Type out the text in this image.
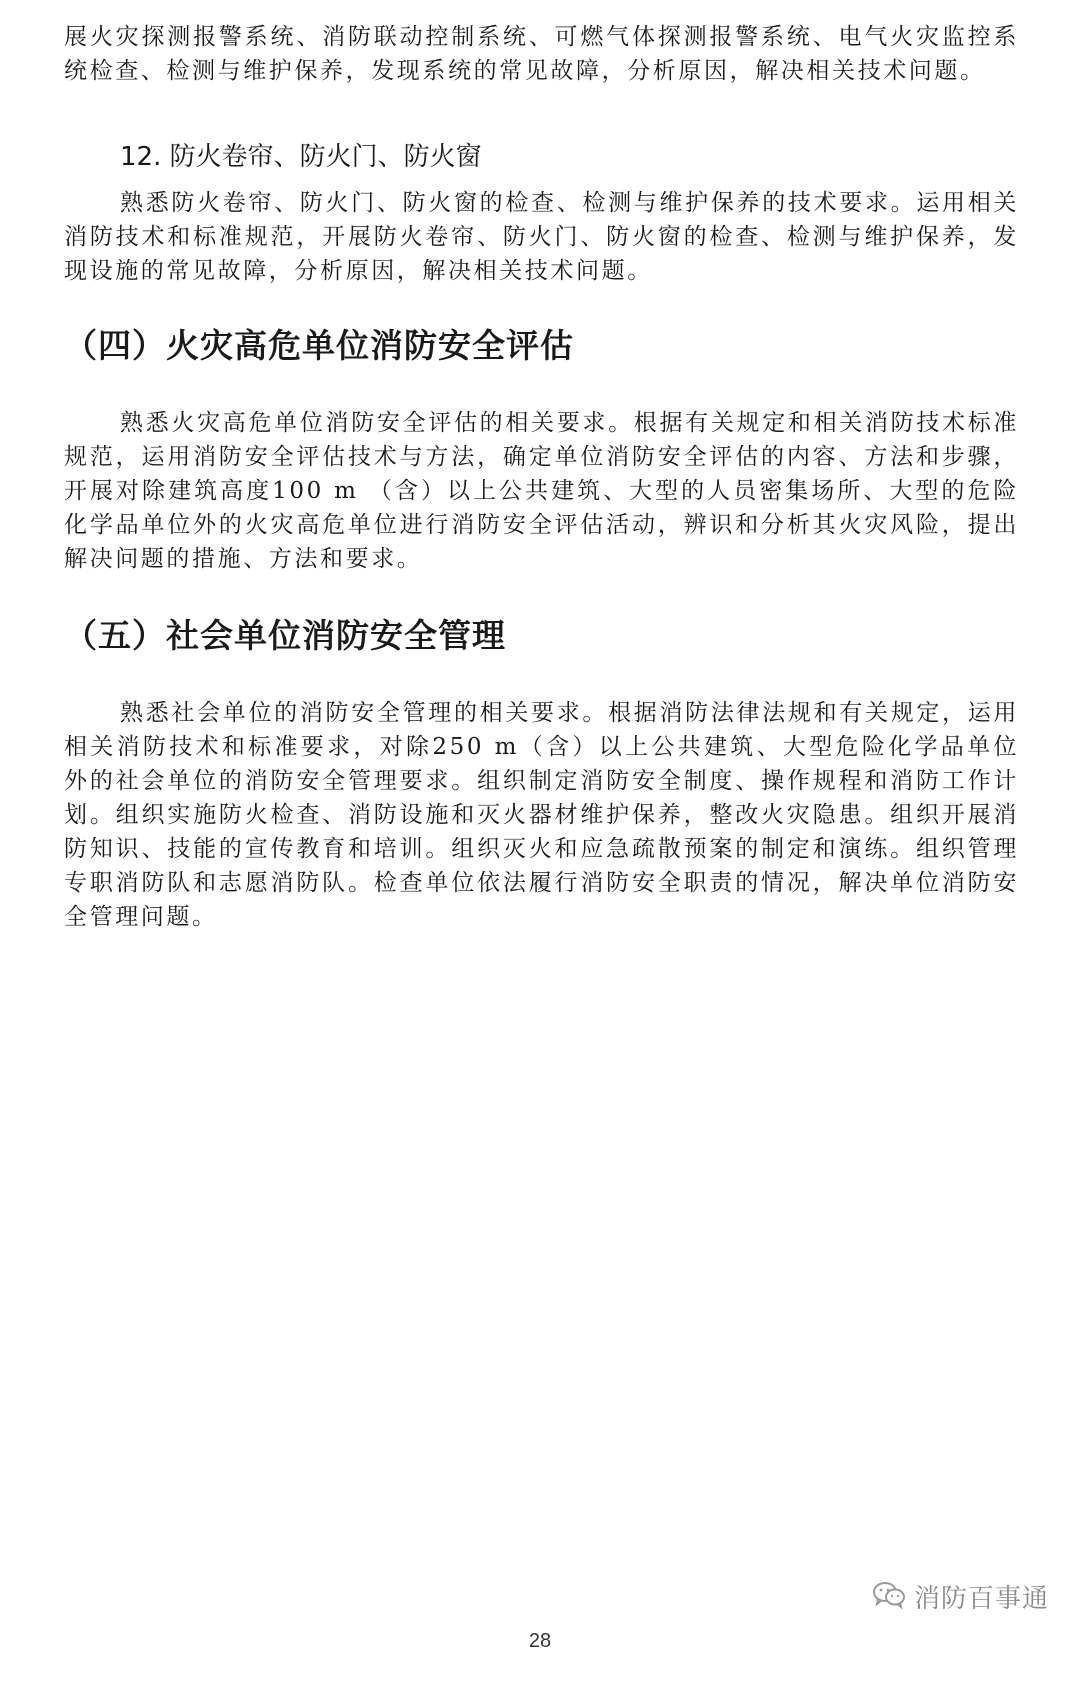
展火灾探测报警系统、消防联动控制系统、可燃气体探测报警系统、电气火灾监控系统检查、检测与维护保养，发现系统的常见故障，分析原因，解决相关技术问题。

12. 防火卷帘、防火门、防火窗

熟悉防火卷帘、防火门、防火窗的检查、检测与维护保养的技术要求。运用相关消防技术和标准规范，开展防火卷帘、防火门、防火窗的检查、检测与维护保养，发现设施的常见故障，分析原因，解决相关技术问题。

（四）火灾高危单位消防安全评估

熟悉火灾高危单位消防安全评估的相关要求。根据有关规定和相关消防技术标准规范，运用消防安全评估技术与方法，确定单位消防安全评估的内容、方法和步骤，开展对除建筑高度100 m （含）以上公共建筑、大型的人员密集场所、大型的危险化学品单位外的火灾高危单位进行消防安全评估活动，辨识和分析其火灾风险，提出解决问题的措施、方法和要求。

（五）社会单位消防安全管理

熟悉社会单位的消防安全管理的相关要求。根据消防法律法规和有关规定，运用相关消防技术和标准要求，对除250 m（含）以上公共建筑、大型危险化学品单位外的社会单位的消防安全管理要求。组织制定消防安全制度、操作规程和消防工作计划。组织实施防火检查、消防设施和灭火器材维护保养，整改火灾隐患。组织开展消防知识、技能的宣传教育和培训。组织灭火和应急疏散预案的制定和演练。组织管理专职消防队和志愿消防队。检查单位依法履行消防安全职责的情况，解决单位消防安全管理问题。

消防百事通
28
